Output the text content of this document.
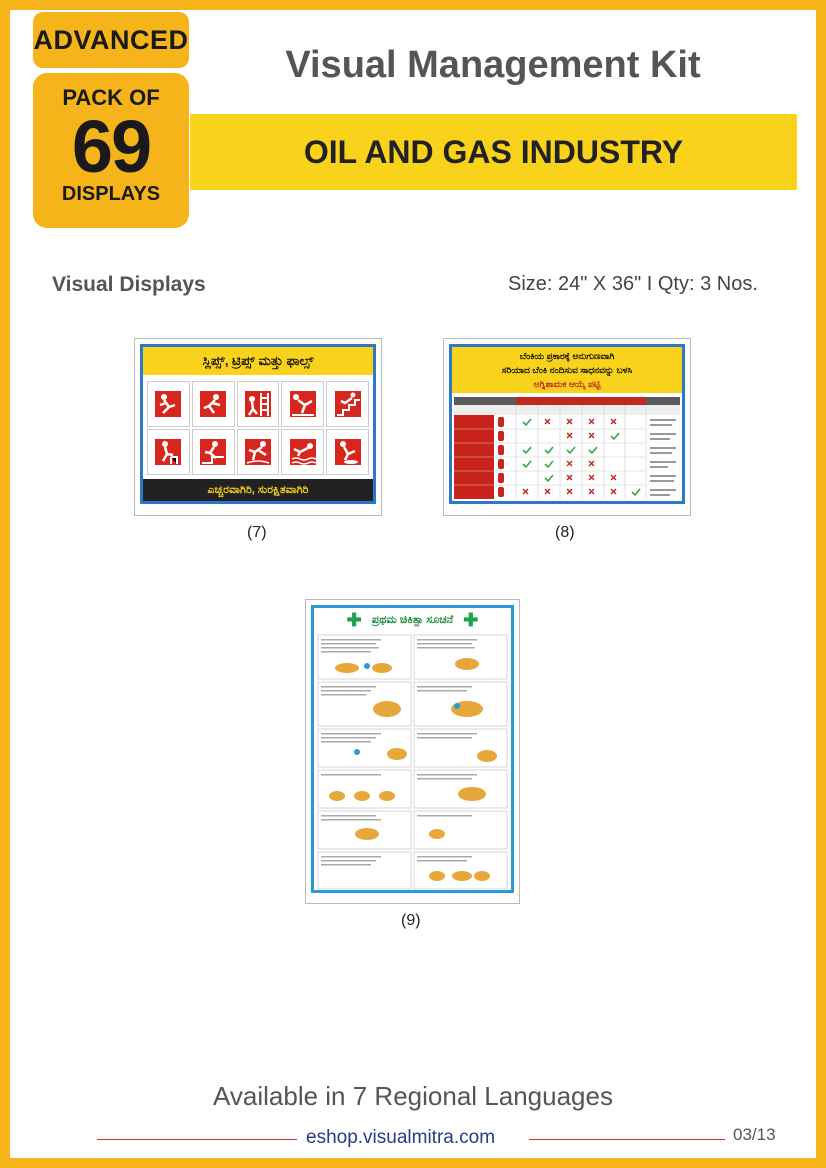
ADVANCED
PACK OF
69
DISPLAYS
Visual Management Kit
OIL AND GAS INDUSTRY
Visual Displays	Size: 24" X 36" I Qty: 3 Nos.
ಸ್ಲಿಪ್ಸ್, ಟ್ರಿಪ್ಸ್ ಮತ್ತು ಫಾಲ್ಸ್
ಎಚ್ಚರವಾಗಿರಿ, ಸುರಕ್ಷಿತವಾಗಿರಿ
(7)
ಬೆಂಕಿಯ ಪ್ರಕಾರಕ್ಕೆ ಅನುಗುಣವಾಗಿ
ಸರಿಯಾದ ಬೆಂಕಿ ನಂದಿಸುವ ಸಾಧನವನ್ನು ಬಳಸಿ
ಅಗ್ನಿಶಾಮಕ ಆಯ್ಕೆ ಪಟ್ಟಿ
(8)
✚ ಪ್ರಥಮ ಚಿಕಿತ್ಸಾ ಸೂಚನೆ ✚
(9)
Available in 7 Regional Languages
eshop.visualmitra.com	03/13
